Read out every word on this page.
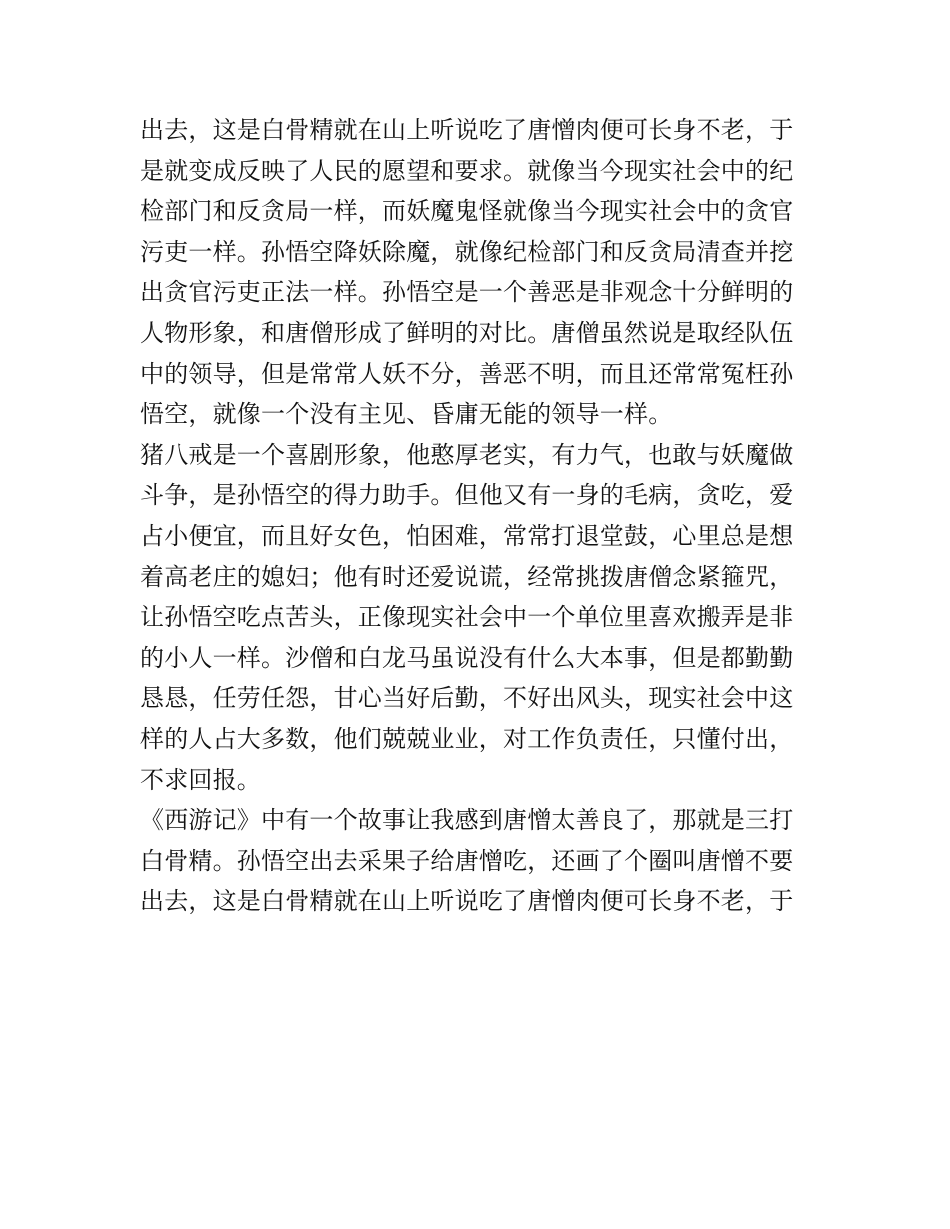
出去，这是白骨精就在山上听说吃了唐憎肉便可长身不老，于
是就变成反映了人民的愿望和要求。就像当今现实社会中的纪
检部门和反贪局一样，而妖魔鬼怪就像当今现实社会中的贪官
污吏一样。孙悟空降妖除魔，就像纪检部门和反贪局清查并挖
出贪官污吏正法一样。孙悟空是一个善恶是非观念十分鲜明的
人物形象，和唐僧形成了鲜明的对比。唐僧虽然说是取经队伍
中的领导，但是常常人妖不分，善恶不明，而且还常常冤枉孙
悟空，就像一个没有主见、昏庸无能的领导一样。
猪八戒是一个喜剧形象，他憨厚老实，有力气，也敢与妖魔做
斗争，是孙悟空的得力助手。但他又有一身的毛病，贪吃，爱
占小便宜，而且好女色，怕困难，常常打退堂鼓，心里总是想
着高老庄的媳妇；他有时还爱说谎，经常挑拨唐僧念紧箍咒，
让孙悟空吃点苦头，正像现实社会中一个单位里喜欢搬弄是非
的小人一样。沙僧和白龙马虽说没有什么大本事，但是都勤勤
恳恳，任劳任怨，甘心当好后勤，不好出风头，现实社会中这
样的人占大多数，他们兢兢业业，对工作负责任，只懂付出，
不求回报。
《西游记》中有一个故事让我感到唐憎太善良了，那就是三打
白骨精。孙悟空出去采果子给唐憎吃，还画了个圈叫唐憎不要
出去，这是白骨精就在山上听说吃了唐憎肉便可长身不老，于
